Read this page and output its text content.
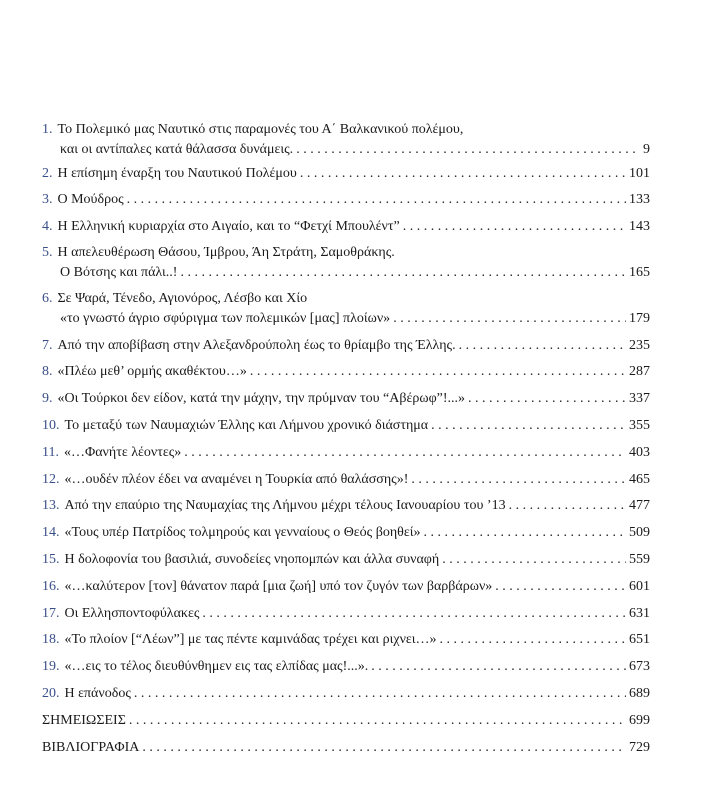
1. Το Πολεμικό μας Ναυτικό στις παραμονές του Α΄ Βαλκανικού πολέμου,
και οι αντίπαλες κατά θάλασσα δυνάμεις. . . .	9
2. Η επίσημη έναρξη του Ναυτικού Πολέμου . . .	101
3. Ο Μούδρος . . .	133
4. Η Ελληνική κυριαρχία στο Αιγαίο, και το “Φετχί Μπουλέντ” . . .	143
5. Η απελευθέρωση Θάσου, Ίμβρου, Άη Στράτη, Σαμοθράκης.
Ο Βότσης και πάλι..! . . .	165
6. Σε Ψαρά, Τένεδο, Αγιονόρος, Λέσβο και Χίο
«το γνωστό άγριο σφύριγμα των πολεμικών [μας] πλοίων» . . .	179
7. Από την αποβίβαση στην Αλεξανδρούπολη έως το θρίαμβο της Έλλης. . . .	235
8. «Πλέω μεθ’ ορμής ακαθέκτου…» . . .	287
9. «Οι Τούρκοι δεν είδον, κατά την μάχην, την πρύμναν του “Αβέρωφ”!...» . . .	337
10. Το μεταξύ των Ναυμαχιών Έλλης και Λήμνου χρονικό διάστημα . . .	355
11. «…Φανήτε λέοντες» . . .	403
12. «…ουδέν πλέον έδει να αναμένει η Τουρκία από θαλάσσης»! . . .	465
13. Από την επαύριο της Ναυμαχίας της Λήμνου μέχρι τέλους Ιανουαρίου του ’13 . . .	477
14. «Τους υπέρ Πατρίδος τολμηρούς και γενναίους ο Θεός βοηθεί» . . .	509
15. Η δολοφονία του βασιλιά, συνοδείες νηοπομπών και άλλα συναφή . . .	559
16. «…καλύτερον [τον] θάνατον παρά [μια ζωή] υπό τον ζυγόν των βαρβάρων» . . .	601
17. Οι Ελλησποντοφύλακες . . .	631
18. «Το πλοίον [“Λέων”] με τας πέντε καμινάδας τρέχει και ριχνει…» . . .	651
19. «…εις το τέλος διευθύνθημεν εις τας ελπίδας μας!...». . . .	673
20. Η επάνοδος . . .	689
ΣΗΜΕΙΩΣΕΙΣ . . .	699
ΒΙΒΛΙΟΓΡΑΦΙΑ . . .	729
